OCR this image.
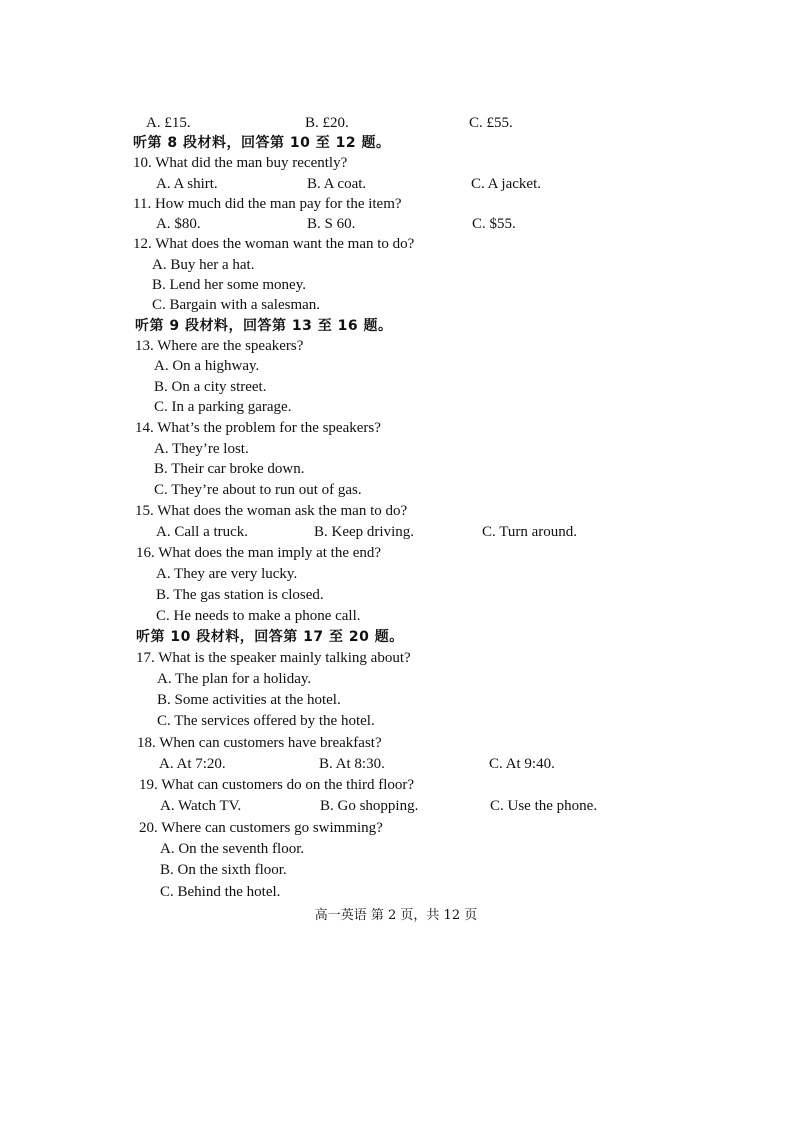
A. £15.	B. £20.	C. £55.
听第 8 段材料，回答第 10 至 12 题。
10. What did the man buy recently?
A. A shirt.	B. A coat.	C. A jacket.
11. How much did the man pay for the item?
A. $80.	B. S 60.	C. $55.
12. What does the woman want the man to do?
A. Buy her a hat.
B. Lend her some money.
C. Bargain with a salesman.
听第 9 段材料，回答第 13 至 16 题。
13. Where are the speakers?
A. On a highway.
B. On a city street.
C. In a parking garage.
14. What’s the problem for the speakers?
A. They’re lost.
B. Their car broke down.
C. They’re about to run out of gas.
15. What does the woman ask the man to do?
A. Call a truck.	B. Keep driving.	C. Turn around.
16. What does the man imply at the end?
A. They are very lucky.
B. The gas station is closed.
C. He needs to make a phone call.
听第 10 段材料，回答第 17 至 20 题。
17. What is the speaker mainly talking about?
A. The plan for a holiday.
B. Some activities at the hotel.
C. The services offered by the hotel.
18. When can customers have breakfast?
A. At 7:20.	B. At 8:30.	C. At 9:40.
19. What can customers do on the third floor?
A. Watch TV.	B. Go shopping.	C. Use the phone.
20. Where can customers go swimming?
A. On the seventh floor.
B. On the sixth floor.
C. Behind the hotel.
高一英语 第 2 页，共 12 页
